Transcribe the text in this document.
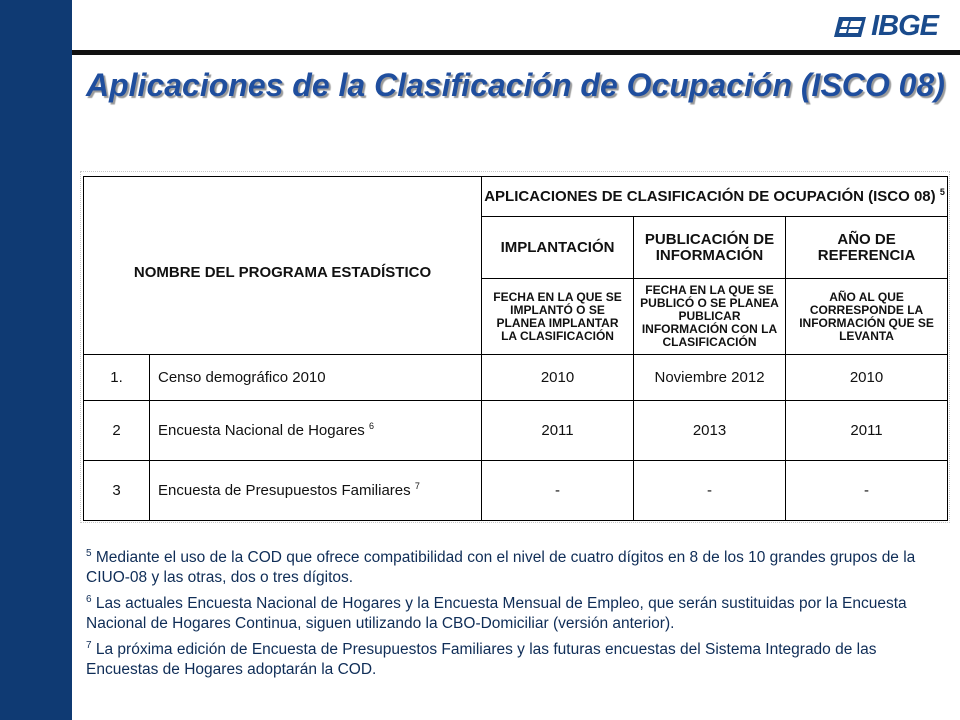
IBGE
Aplicaciones de la Clasificación de Ocupación (ISCO 08)
NOMBRE DEL PROGRAMA ESTADÍSTICO		APLICACIONES DE CLASIFICACIÓN DE OCUPACIÓN (ISCO 08) $^5$
		IMPLANTACIÓN	PUBLICACIÓN DE INFORMACIÓN	AÑO DE REFERENCIA
		FECHA EN LA QUE SE IMPLANTÓ O SE PLANEA IMPLANTAR LA CLASIFICACIÓN	FECHA EN LA QUE SE PUBLICÓ O SE PLANEA PUBLICAR INFORMACIÓN CON LA CLASIFICACIÓN	AÑO AL QUE CORRESPONDE LA INFORMACIÓN QUE SE LEVANTA
1.	Censo demográfico 2010	2010	Noviembre 2012	2010
2	Encuesta Nacional de Hogares $^6$	2011	2013	2011
3	Encuesta de Presupuestos Familiares $^7$	-	-	-

$^5$ Mediante el uso de la COD que ofrece compatibilidad con el nivel de cuatro dígitos en 8 de los 10 grandes grupos de la CIUO-08 y las otras, dos o tres dígitos.

$^6$ Las actuales Encuesta Nacional de Hogares y la Encuesta Mensual de Empleo, que serán sustituidas por la Encuesta Nacional de Hogares Continua, siguen utilizando la CBO-Domiciliar (versión anterior).

$^7$ La próxima edición de Encuesta de Presupuestos Familiares y las futuras encuestas del Sistema Integrado de las Encuestas de Hogares adoptarán la COD.
